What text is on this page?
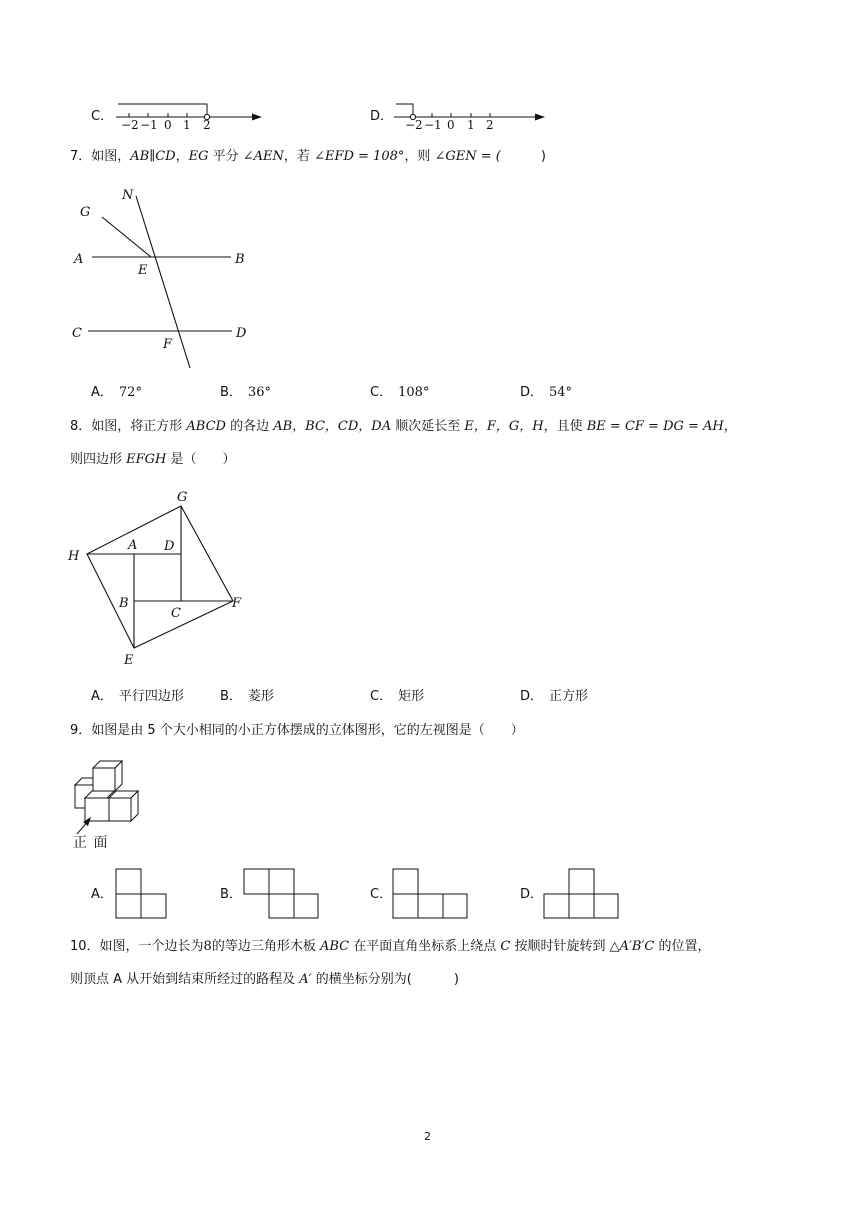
C．
−2 −1 0 1 2
D．
−2 −1 0 1 2
7．如图，AB∥CD，EG 平分 ∠AEN，若 ∠EFD = 108°，则 ∠GEN = (	)
G
N
A
E
B
C
F
D
A． 72°	B． 36°	C． 108°	D． 54°
8．如图，将正方形 ABCD 的各边 AB，BC，CD，DA 顺次延长至 E，F，G，H，且使 BE = CF = DG = AH，
则四边形 EFGH 是（　　）
G
H
A D
B
C
F
E
A． 平行四边形	B． 菱形	C． 矩形	D． 正方形
9．如图是由 5 个大小相同的小正方体摆成的立体图形，它的左视图是（　　）
正 面
A．	B．	C．	D．
10．如图，一个边长为8的等边三角形木板 ABC 在平面直角坐标系上绕点 C 按顺时针旋转到 △A′B′C 的位置，
则顶点 A 从开始到结束所经过的路程及 A′ 的横坐标分别为(	)
2
